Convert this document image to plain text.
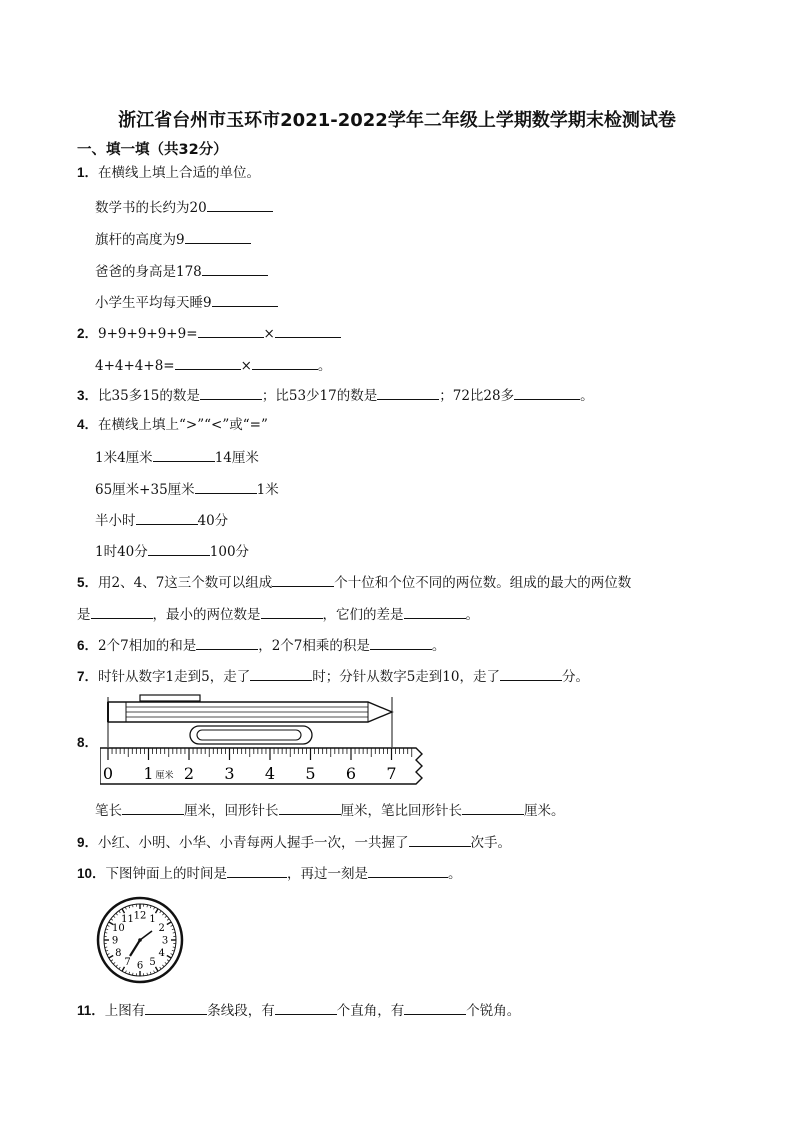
浙江省台州市玉环市2021-2022学年二年级上学期数学期末检测试卷
一、填一填（共32分）
1．在横线上填上合适的单位。
数学书的长约为20
旗杆的高度为9
爸爸的身高是178
小学生平均每天睡9
2．9+9+9+9+9=	×
4+4+4+8=	×	。
3．比35多15的数是	；比53少17的数是	；72比28多	。
4．在横线上填上“>”“<”或“=”
1米4厘米	14厘米
65厘米+35厘米	1米
半小时	40分
1时40分	100分
5．用2、4、7这三个数可以组成	个十位和个位不同的两位数。组成的最大的两位数
是	，最小的两位数是	，它们的差是	。
6．2个7相加的和是	，2个7相乘的积是	。
7．时针从数字1走到5，走了	时；分针从数字5走到10，走了	分。
8．
0 1 2 3 4 5 6 7
厘米
笔长	厘米，回形针长	厘米，笔比回形针长	厘米。
9．小红、小明、小华、小青每两人握手一次，一共握了	次手。
10．下图钟面上的时间是	，再过一刻是	。
12 1
2
3
4
5
6
7
8
9
10
11
11．上图有	条线段，有	个直角，有	个锐角。
